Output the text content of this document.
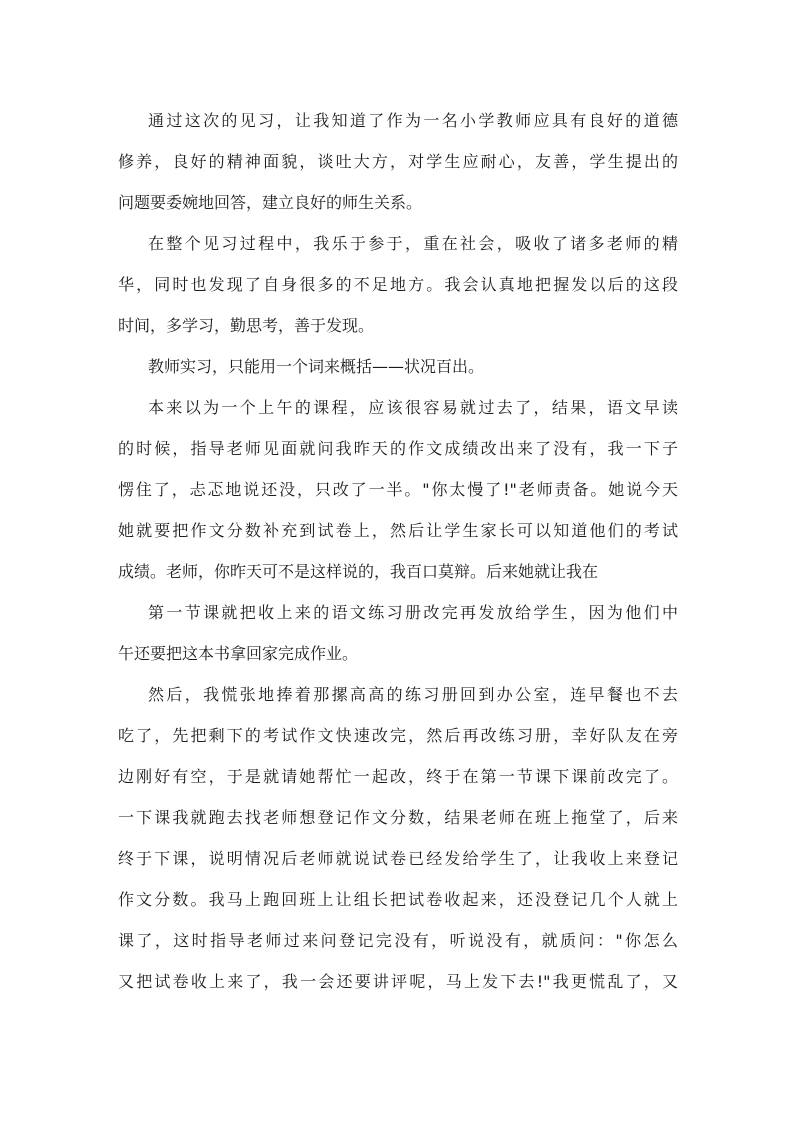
通过这次的见习，让我知道了作为一名小学教师应具有良好的道德
修养，良好的精神面貌，谈吐大方，对学生应耐心，友善，学生提出的
问题要委婉地回答，建立良好的师生关系。
在整个见习过程中，我乐于参于，重在社会，吸收了诸多老师的精
华，同时也发现了自身很多的不足地方。我会认真地把握发以后的这段
时间，多学习，勤思考，善于发现。
教师实习，只能用一个词来概括——状况百出。
本来以为一个上午的课程，应该很容易就过去了，结果，语文早读
的时候，指导老师见面就问我昨天的作文成绩改出来了没有，我一下子
愣住了，忐忑地说还没，只改了一半。"你太慢了!"老师责备。她说今天
她就要把作文分数补充到试卷上，然后让学生家长可以知道他们的考试
成绩。老师，你昨天可不是这样说的，我百口莫辩。后来她就让我在
第一节课就把收上来的语文练习册改完再发放给学生，因为他们中
午还要把这本书拿回家完成作业。
然后，我慌张地捧着那摞高高的练习册回到办公室，连早餐也不去
吃了，先把剩下的考试作文快速改完，然后再改练习册，幸好队友在旁
边刚好有空，于是就请她帮忙一起改，终于在第一节课下课前改完了。
一下课我就跑去找老师想登记作文分数，结果老师在班上拖堂了，后来
终于下课，说明情况后老师就说试卷已经发给学生了，让我收上来登记
作文分数。我马上跑回班上让组长把试卷收起来，还没登记几个人就上
课了，这时指导老师过来问登记完没有，听说没有，就质问："你怎么
又把试卷收上来了，我一会还要讲评呢，马上发下去!"我更慌乱了，又
